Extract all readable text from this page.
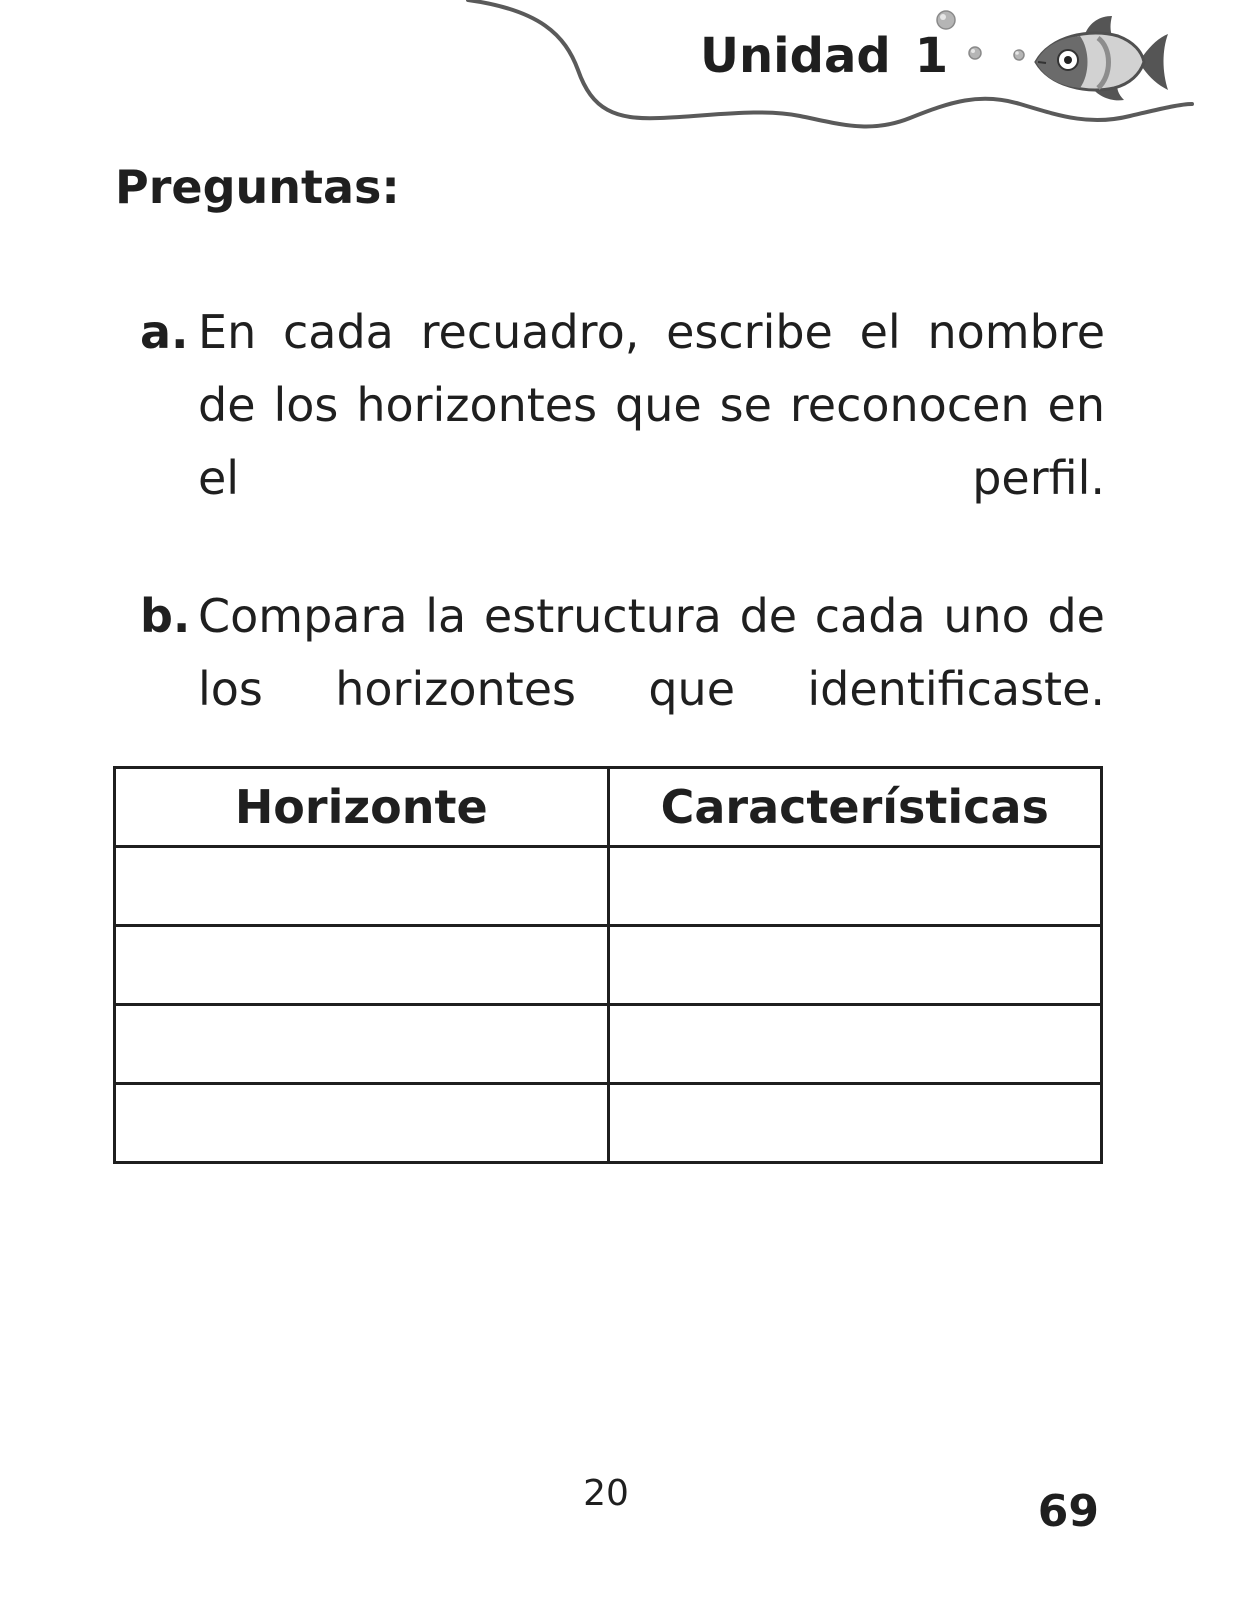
Unidad 1
Preguntas:
a. En cada recuadro, escribe el nombre de los horizontes que se reconocen en el perfil.
b. Compara la estructura de cada uno de los horizontes que identificaste.
Horizonte	Características

20	69
